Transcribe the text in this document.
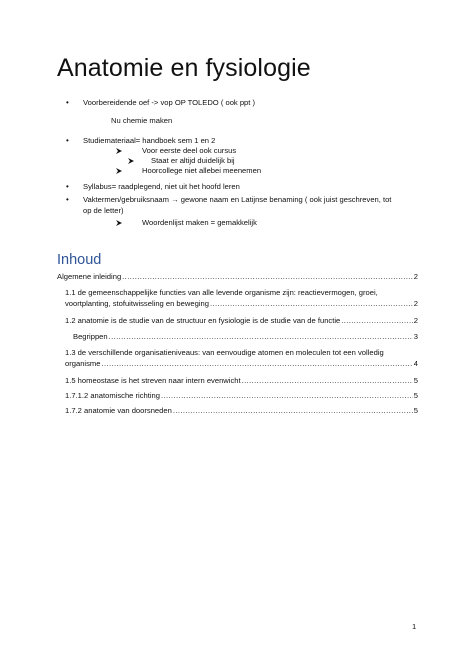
Anatomie en fysiologie
• Voorbereidende oef -> vop OP TOLEDO ( ook ppt )
Nu chemie maken
• Studiemateriaal= handboek sem 1 en 2
Voor eerste deel ook cursus
Staat er altijd duidelijk bij
Hoorcollege niet allebei meenemen
• Syllabus= raadplegend, niet uit het hoofd leren
• Vaktermen/gebruiksnaam → gewone naam en Latijnse benaming ( ook juist geschreven, tot
op de letter)
Woordenlijst maken = gemakkelijk
Inhoud
Algemene inleiding .....	2
1.1 de gemeenschappelijke functies van alle levende organisme zijn: reactievermogen, groei,
voortplanting, stofuitwisseling en beweging .....	2
1.2 anatomie is de studie van de structuur en fysiologie is de studie van de functie .....	2
Begrippen .....	3
1.3 de verschillende organisatieniveaus: van eenvoudige atomen en moleculen tot een volledig
organisme .....	4
1.5 homeostase is het streven naar intern evenwicht .....	5
1.7.1.2 anatomische richting .....	5
1.7.2 anatomie van doorsneden .....	5
1
